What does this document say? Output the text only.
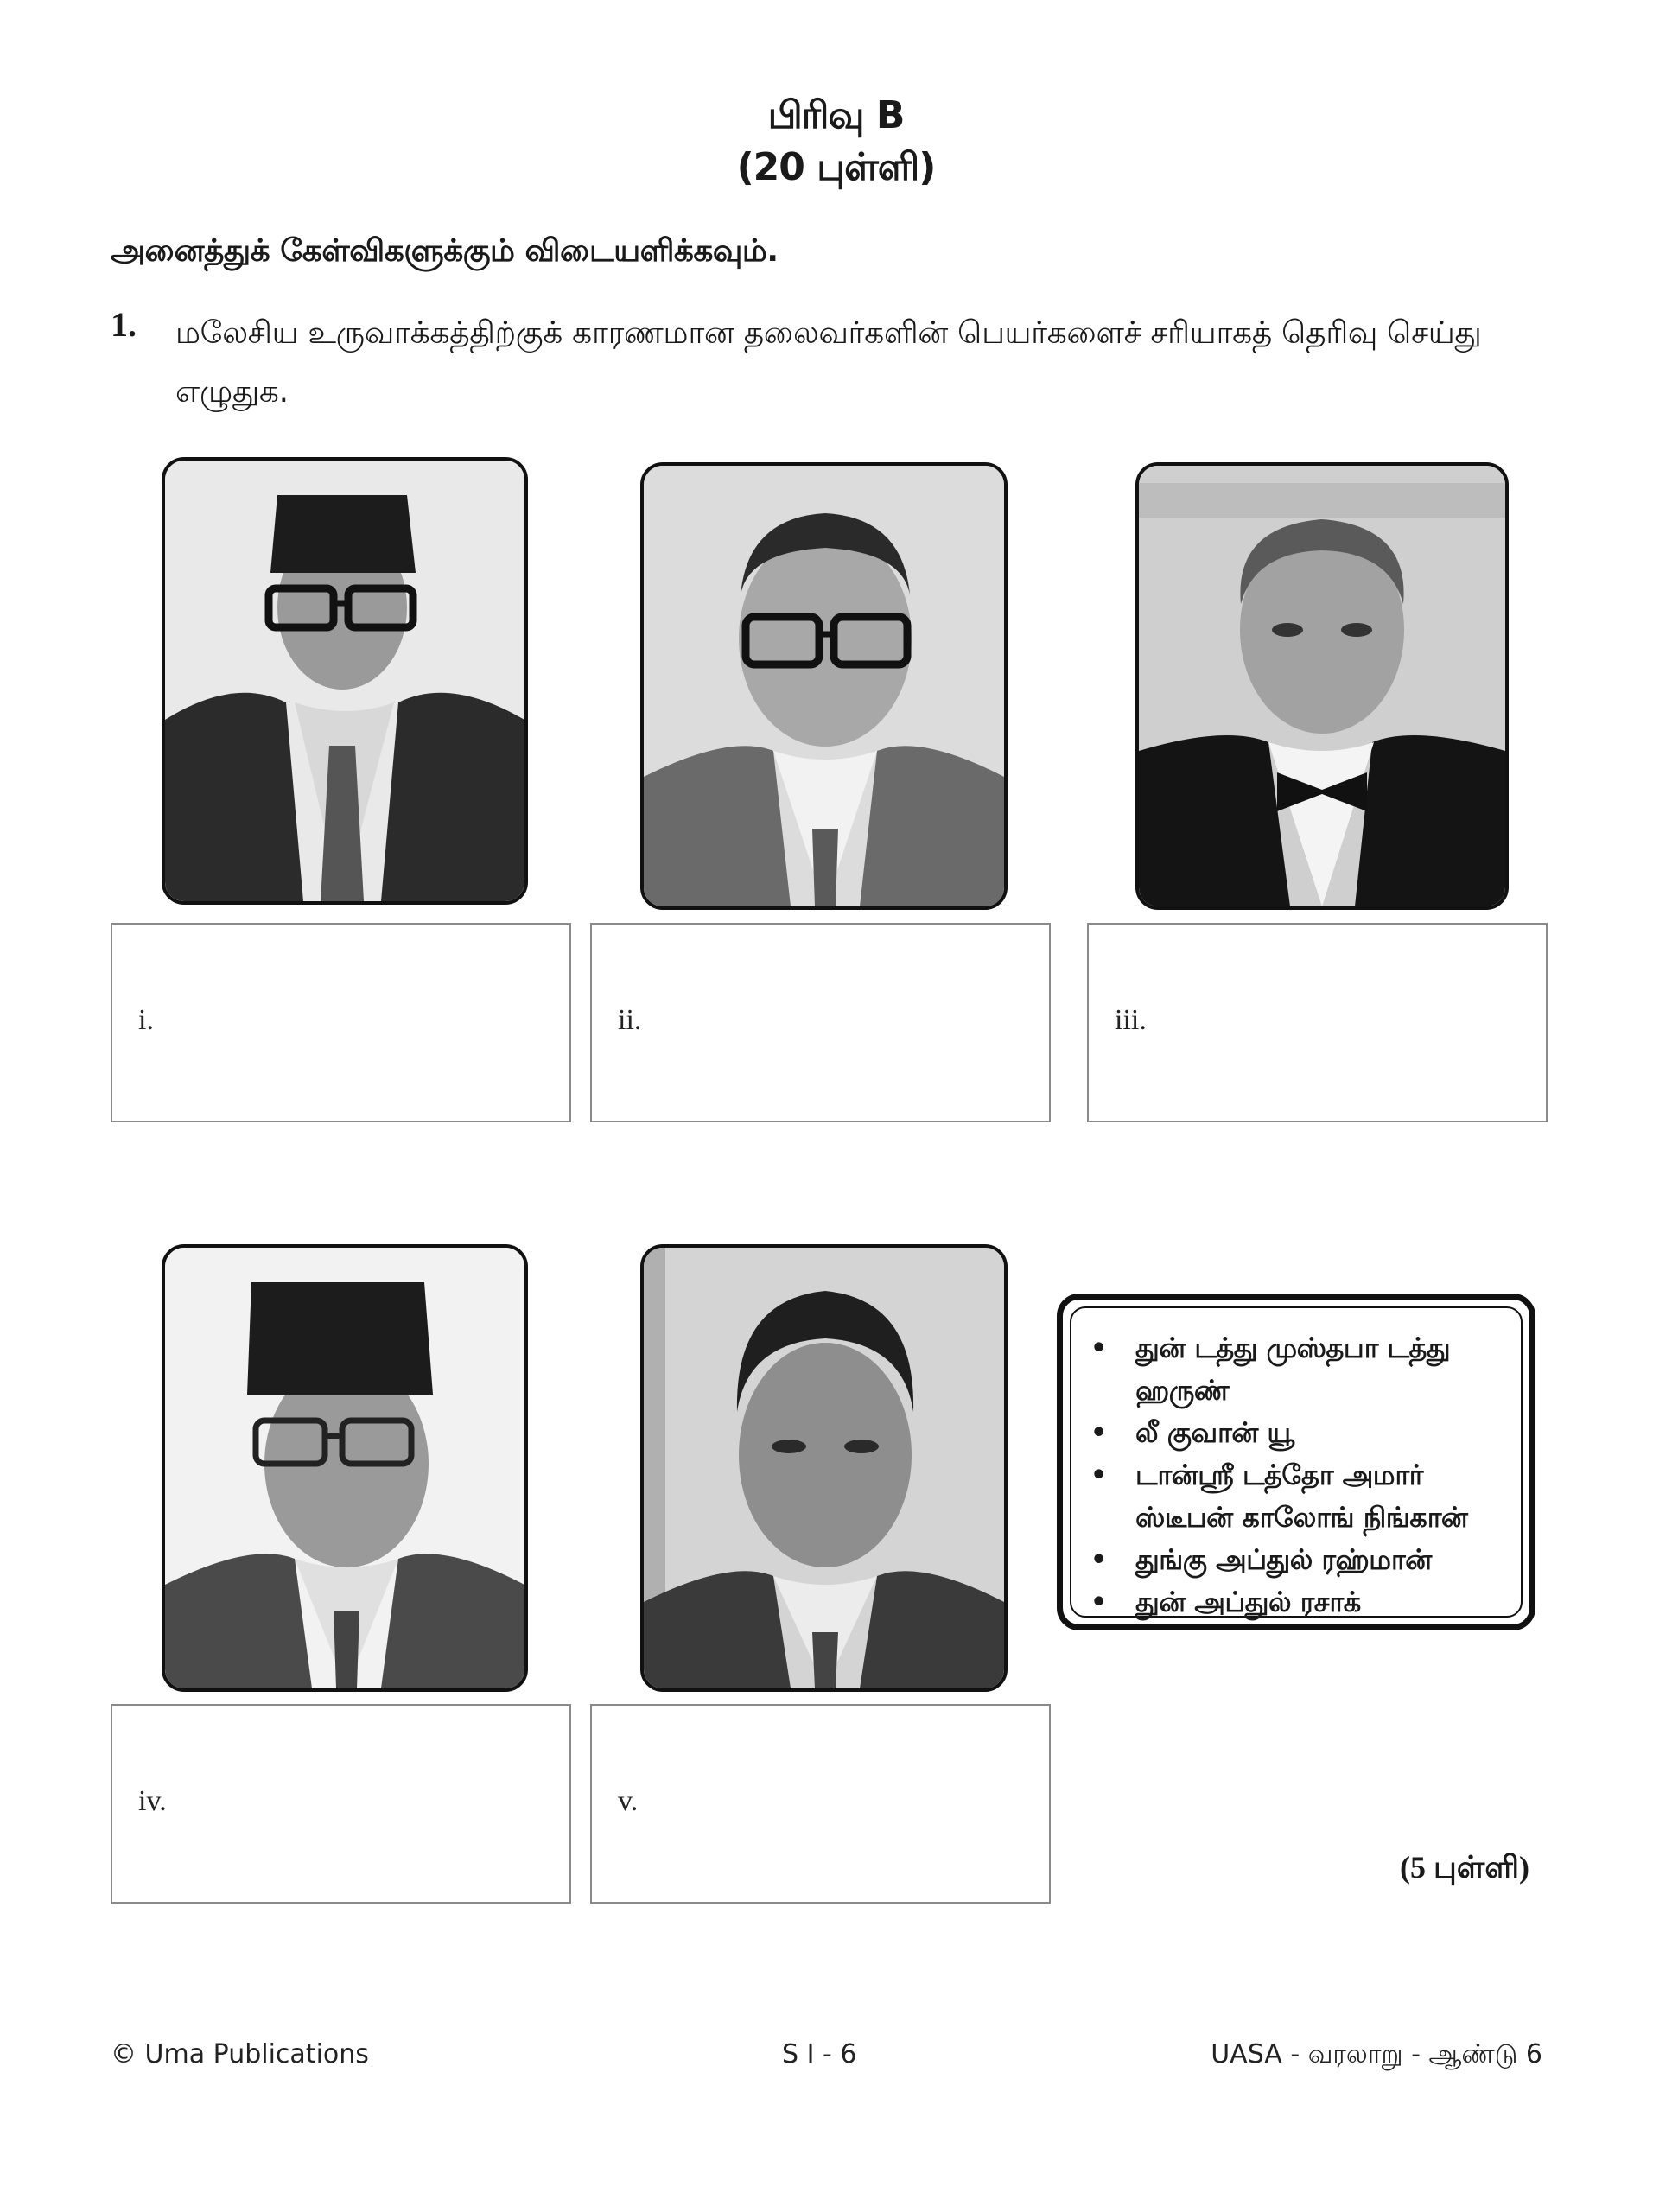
பிரிவு B
(20 புள்ளி)
அனைத்துக் கேள்விகளுக்கும் விடையளிக்கவும்.
1. மலேசிய உருவாக்கத்திற்குக் காரணமான தலைவர்களின் பெயர்களைச் சரியாகத் தெரிவு செய்து எழுதுக.
i.	ii.	iii.
• துன் டத்து முஸ்தபா டத்து ஹருண்
• லீ குவான் யூ
• டான்ஸ்ரீ டத்தோ அமார் ஸ்டீபன் காலோங் நிங்கான்
• துங்கு அப்துல் ரஹ்மான்
• துன் அப்துல் ரசாக்
iv.	v.
(5 புள்ளி)
© Uma Publications	S I - 6	UASA - வரலாறு - ஆண்டு 6
